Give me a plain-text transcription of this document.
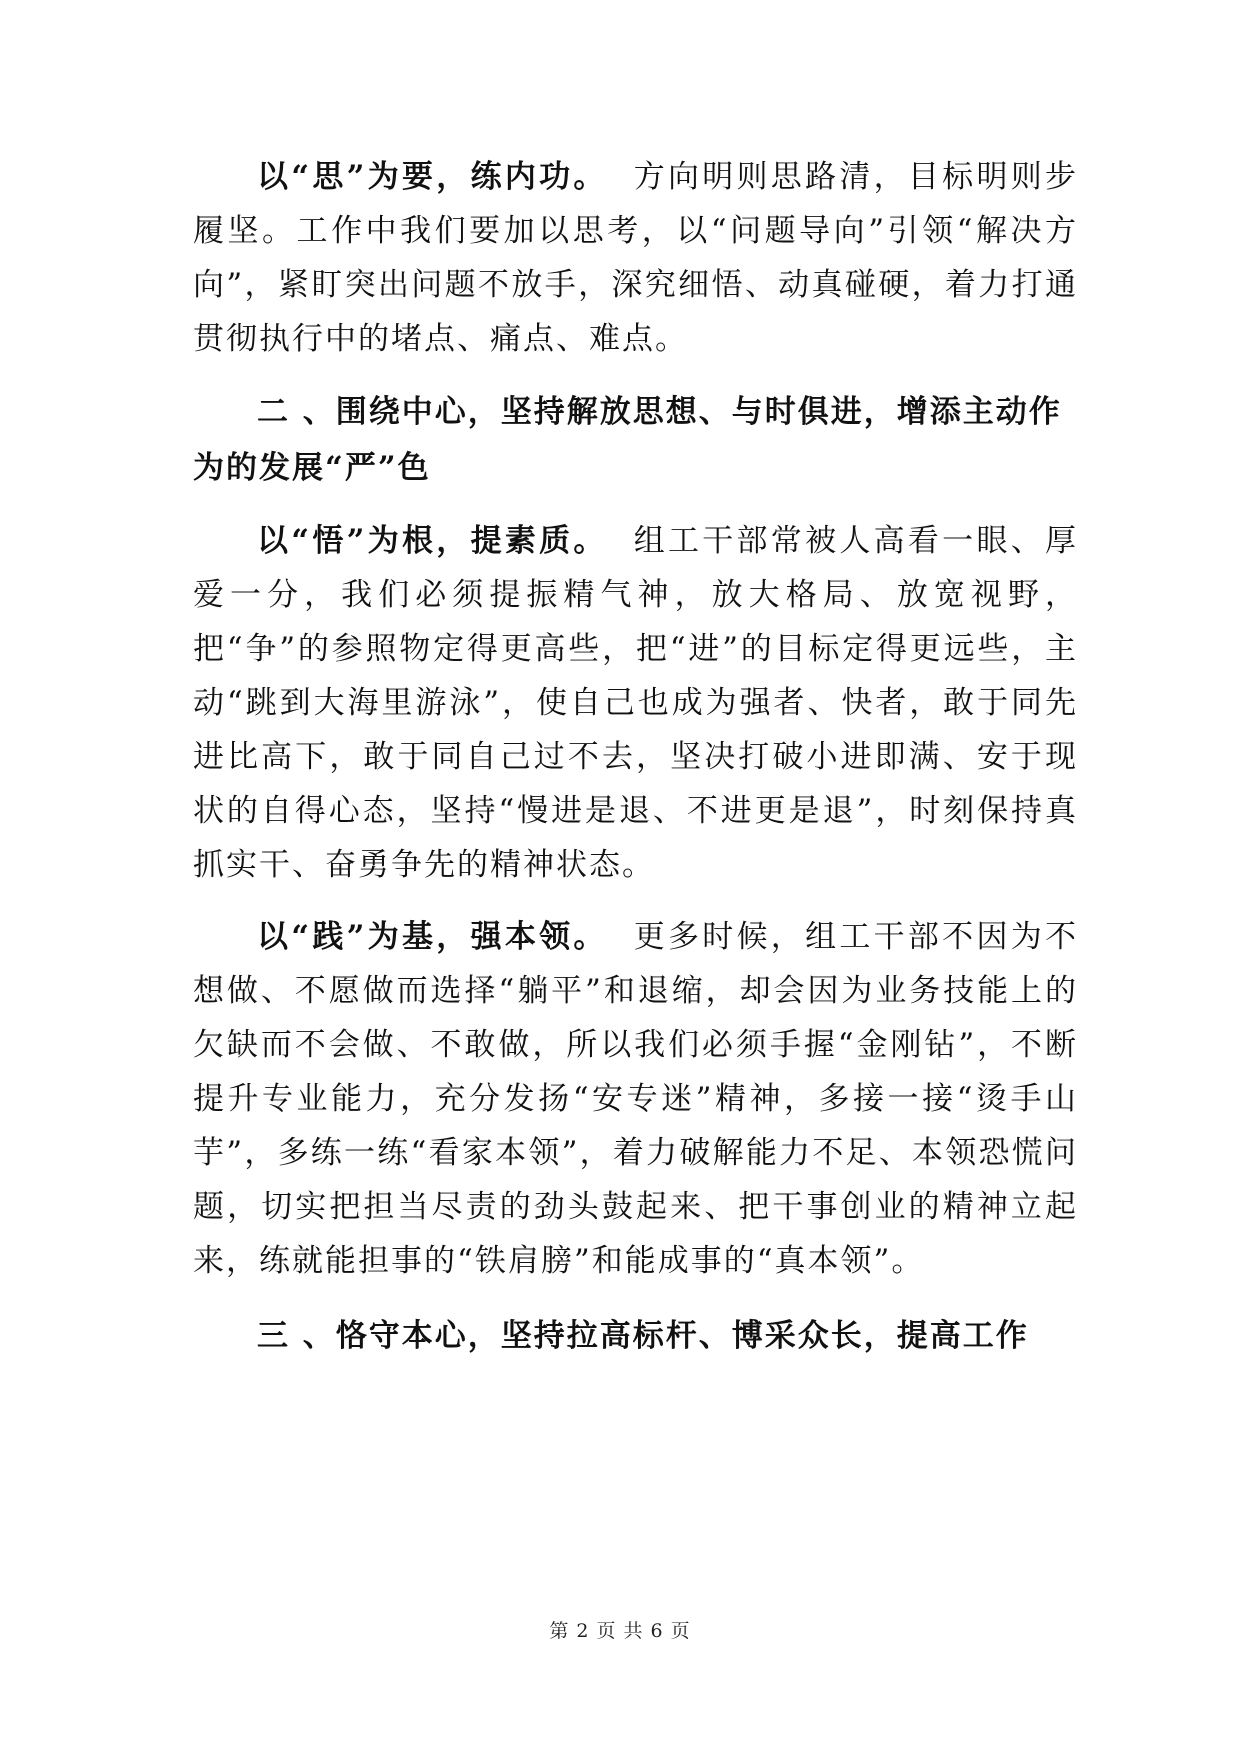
以“思”为要，练内功。 方向明则思路清，目标明则步履坚。工作中我们要加以思考，以“问题导向”引领“解决方向”，紧盯突出问题不放手，深究细悟、动真碰硬，着力打通贯彻执行中的堵点、痛点、难点。

二 、围绕中心，坚持解放思想、与时俱进，增添主动作为的发展“严”色

以“悟”为根，提素质。 组工干部常被人高看一眼、厚爱一分，我们必须提振精气神，放大格局、放宽视野，把“争”的参照物定得更高些，把“进”的目标定得更远些，主动“跳到大海里游泳”，使自己也成为强者、快者，敢于同先进比高下，敢于同自己过不去，坚决打破小进即满、安于现状的自得心态，坚持“慢进是退、不进更是退”，时刻保持真抓实干、奋勇争先的精神状态。

以“践”为基，强本领。 更多时候，组工干部不因为不想做、不愿做而选择“躺平”和退缩，却会因为业务技能上的欠缺而不会做、不敢做，所以我们必须手握“金刚钻”，不断提升专业能力，充分发扬“安专迷”精神，多接一接“烫手山芋”，多练一练“看家本领”，着力破解能力不足、本领恐慌问题，切实把担当尽责的劲头鼓起来、把干事创业的精神立起来，练就能担事的“铁肩膀”和能成事的“真本领”。

三 、恪守本心，坚持拉高标杆、博采众长，提高工作

第 2 页 共 6 页
